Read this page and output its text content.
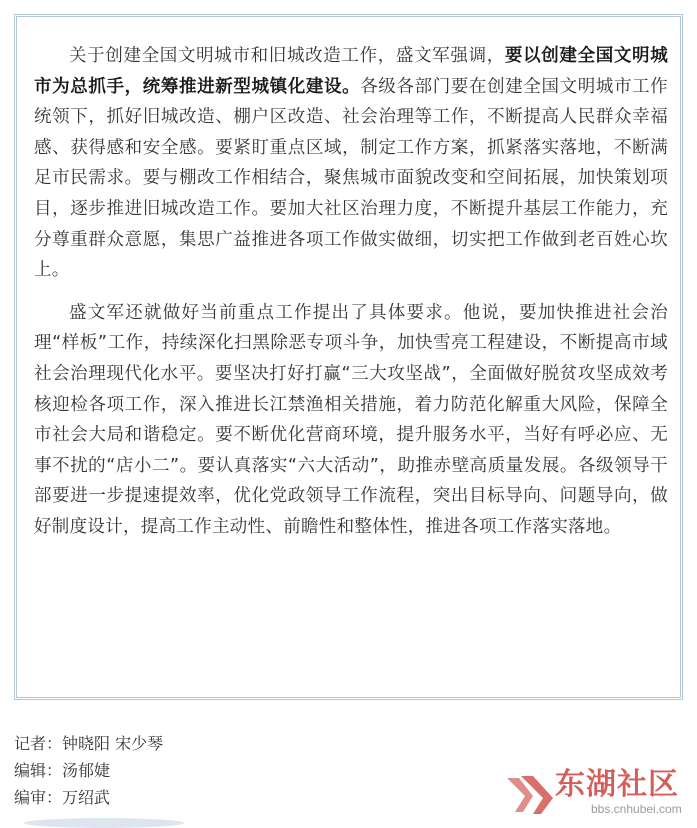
关于创建全国文明城市和旧城改造工作，盛文军强调，要以创建全国文明城市为总抓手，统筹推进新型城镇化建设。各级各部门要在创建全国文明城市工作统领下，抓好旧城改造、棚户区改造、社会治理等工作，不断提高人民群众幸福感、获得感和安全感。要紧盯重点区域，制定工作方案，抓紧落实落地，不断满足市民需求。要与棚改工作相结合，聚焦城市面貌改变和空间拓展，加快策划项目，逐步推进旧城改造工作。要加大社区治理力度，不断提升基层工作能力，充分尊重群众意愿，集思广益推进各项工作做实做细，切实把工作做到老百姓心坎上。

盛文军还就做好当前重点工作提出了具体要求。他说，要加快推进社会治理“样板”工作，持续深化扫黑除恶专项斗争，加快雪亮工程建设，不断提高市域社会治理现代化水平。要坚决打好打赢“三大攻坚战”，全面做好脱贫攻坚成效考核迎检各项工作，深入推进长江禁渔相关措施，着力防范化解重大风险，保障全市社会大局和谐稳定。要不断优化营商环境，提升服务水平，当好有呼必应、无事不扰的“店小二”。要认真落实“六大活动”，助推赤壁高质量发展。各级领导干部要进一步提速提效率，优化党政领导工作流程，突出目标导向、问题导向，做好制度设计，提高工作主动性、前瞻性和整体性，推进各项工作落实落地。

记者：钟晓阳 宋少琴
编辑：汤郁婕
编审：万绍武	东湖社区
bbs.cnhubei.com
